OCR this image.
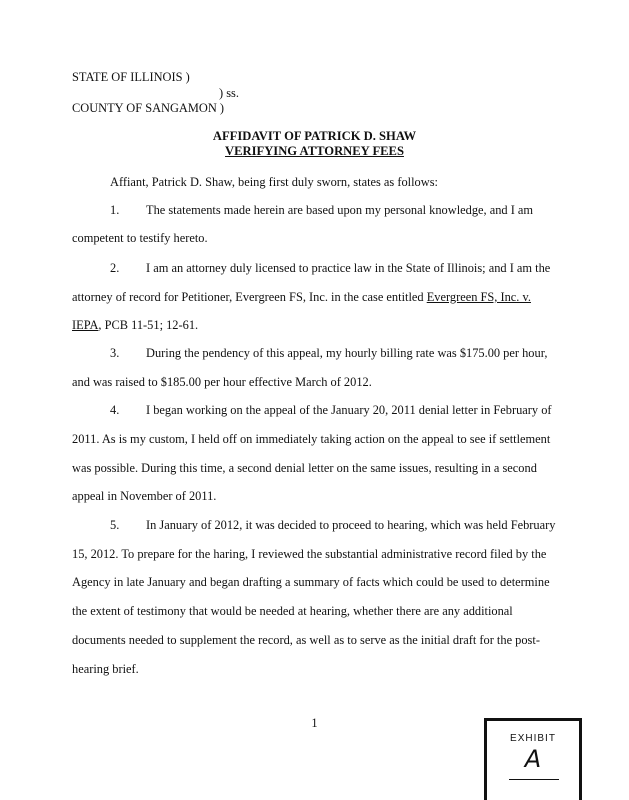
STATE OF ILLINOIS )
) ss.
COUNTY OF SANGAMON )
AFFIDAVIT OF PATRICK D. SHAW
VERIFYING ATTORNEY FEES
Affiant, Patrick D. Shaw, being first duly sworn, states as follows:
1. The statements made herein are based upon my personal knowledge, and I am
competent to testify hereto.
2. I am an attorney duly licensed to practice law in the State of Illinois; and I am the
attorney of record for Petitioner, Evergreen FS, Inc. in the case entitled Evergreen FS, Inc. v.
IEPA, PCB 11-51; 12-61.
3. During the pendency of this appeal, my hourly billing rate was $175.00 per hour,
and was raised to $185.00 per hour effective March of 2012.
4. I began working on the appeal of the January 20, 2011 denial letter in February of
2011. As is my custom, I held off on immediately taking action on the appeal to see if settlement
was possible. During this time, a second denial letter on the same issues, resulting in a second
appeal in November of 2011.
5. In January of 2012, it was decided to proceed to hearing, which was held February
15, 2012. To prepare for the haring, I reviewed the substantial administrative record filed by the
Agency in late January and began drafting a summary of facts which could be used to determine
the extent of testimony that would be needed at hearing, whether there are any additional
documents needed to supplement the record, as well as to serve as the initial draft for the post-
hearing brief.
1
EXHIBIT
A
